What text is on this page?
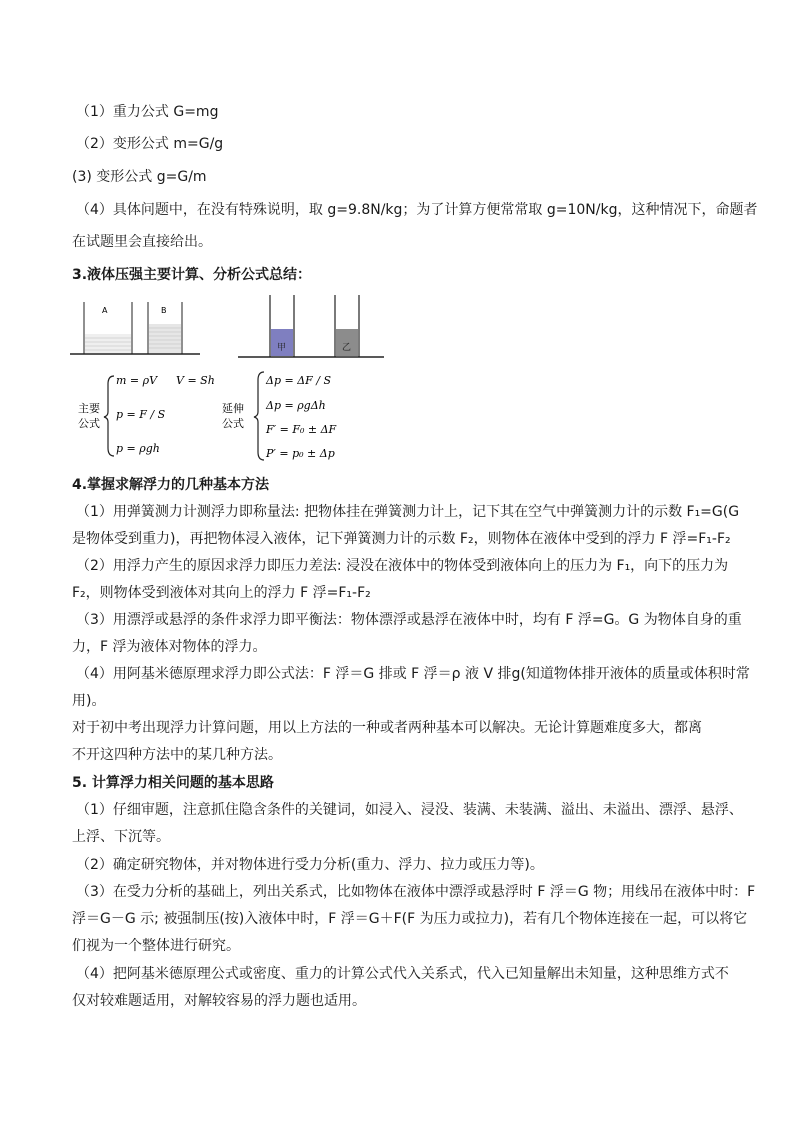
（1）重力公式 G=mg
（2）变形公式 m=G/g
(3) 变形公式 g=G/m
（4）具体问题中，在没有特殊说明，取 g=9.8N/kg；为了计算方便常常取 g=10N/kg，这种情况下，命题者
在试题里会直接给出。
3.液体压强主要计算、分析公式总结：
A	B
甲	乙
主要
公式
m = ρV V = Sh
p = F / S
p = ρgh
延伸
公式
Δp = ΔF / S
Δp = ρgΔh
F′ = F₀ ± ΔF
P′ = p₀ ± Δp
4.掌握求解浮力的几种基本方法
（1）用弹簧测力计测浮力即称量法: 把物体挂在弹簧测力计上，记下其在空气中弹簧测力计的示数 F₁=G(G
是物体受到重力)，再把物体浸入液体，记下弹簧测力计的示数 F₂，则物体在液体中受到的浮力 F 浮=F₁-F₂
（2）用浮力产生的原因求浮力即压力差法: 浸没在液体中的物体受到液体向上的压力为 F₁，向下的压力为
F₂，则物体受到液体对其向上的浮力 F 浮=F₁-F₂
（3）用漂浮或悬浮的条件求浮力即平衡法：物体漂浮或悬浮在液体中时，均有 F 浮=G。G 为物体自身的重
力，F 浮为液体对物体的浮力。
（4）用阿基米德原理求浮力即公式法：F 浮＝G 排或 F 浮＝ρ 液 V 排g(知道物体排开液体的质量或体积时常
用)。
对于初中考出现浮力计算问题，用以上方法的一种或者两种基本可以解决。无论计算题难度多大，都离
不开这四种方法中的某几种方法。
5. 计算浮力相关问题的基本思路
（1）仔细审题，注意抓住隐含条件的关键词，如浸入、浸没、装满、未装满、溢出、未溢出、漂浮、悬浮、
上浮、下沉等。
（2）确定研究物体，并对物体进行受力分析(重力、浮力、拉力或压力等)。
（3）在受力分析的基础上，列出关系式，比如物体在液体中漂浮或悬浮时 F 浮＝G 物；用线吊在液体中时：F
浮＝G－G 示; 被强制压(按)入液体中时，F 浮＝G＋F(F 为压力或拉力)，若有几个物体连接在一起，可以将它
们视为一个整体进行研究。
（4）把阿基米德原理公式或密度、重力的计算公式代入关系式，代入已知量解出未知量，这种思维方式不
仅对较难题适用，对解较容易的浮力题也适用。
